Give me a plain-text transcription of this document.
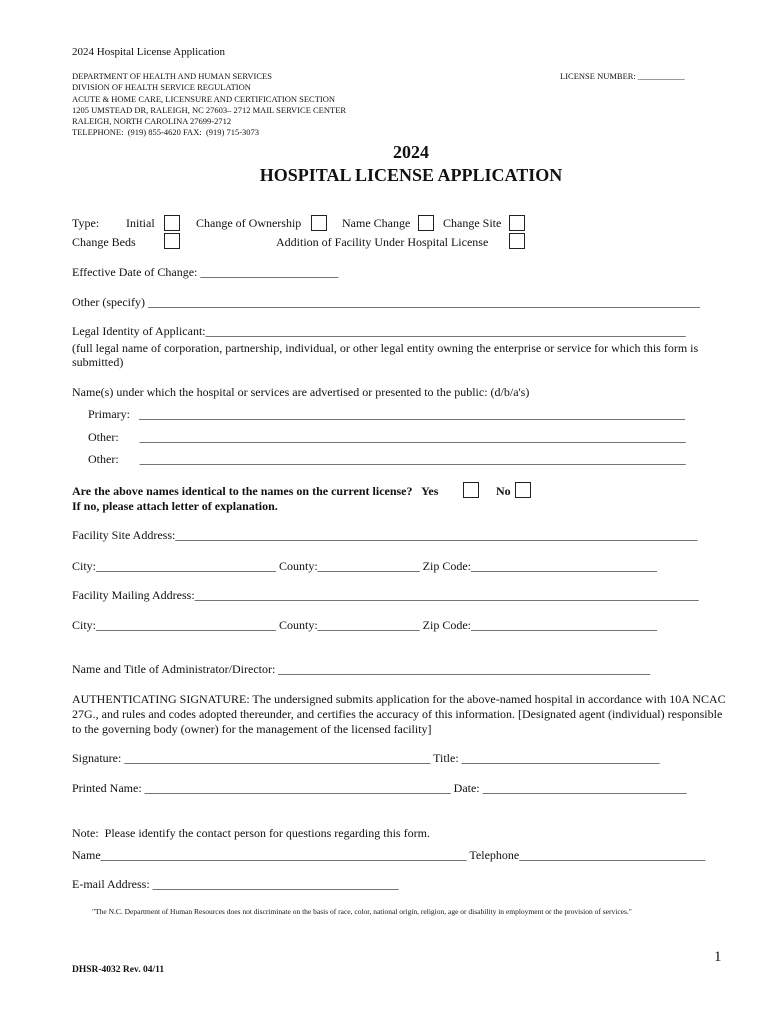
2024 Hospital License Application
DEPARTMENT OF HEALTH AND HUMAN SERVICES
DIVISION OF HEALTH SERVICE REGULATION
ACUTE & HOME CARE, LICENSURE AND CERTIFICATION SECTION
1205 UMSTEAD DR, RALEIGH, NC 27603– 2712 MAIL SERVICE CENTER
RALEIGH, NORTH CAROLINA 27699-2712
TELEPHONE:  (919) 855-4620 FAX:  (919) 715-3073
LICENSE NUMBER: ___________
2024
HOSPITAL LICENSE APPLICATION
Type: Initial	Change of Ownership	Name Change	Change Site
Change Beds	Addition of Facility Under Hospital License
Effective Date of Change: _______________________
Other (specify) ____________________________________________________________________________________________
Legal Identity of Applicant:________________________________________________________________________________
(full legal name of corporation, partnership, individual, or other legal entity owning the enterprise or service for which this form is submitted)
Name(s) under which the hospital or services are advertised or presented to the public: (d/b/a's)
Primary:   ___________________________________________________________________________________________
Other:       ___________________________________________________________________________________________
Other:       ___________________________________________________________________________________________
Are the above names identical to the names on the current license?   Yes	No
If no, please attach letter of explanation.
Facility Site Address:_______________________________________________________________________________________
City:______________________________ County:_________________ Zip Code:_______________________________
Facility Mailing Address:____________________________________________________________________________________
City:______________________________ County:_________________ Zip Code:_______________________________
Name and Title of Administrator/Director: ______________________________________________________________
AUTHENTICATING SIGNATURE: The undersigned submits application for the above-named hospital in accordance with 10A NCAC 27G., and rules and codes adopted thereunder, and certifies the accuracy of this information. [Designated agent (individual) responsible to the governing body (owner) for the management of the licensed facility]
Signature: ___________________________________________________ Title: _________________________________
Printed Name: ___________________________________________________ Date: __________________________________
Note:  Please identify the contact person for questions regarding this form.
Name_____________________________________________________________ Telephone_______________________________
E-mail Address: _________________________________________
"The N.C. Department of Human Resources does not discriminate on the basis of race, color, national origin, religion, age or disability in employment or the provision of services."
1
DHSR-4032 Rev. 04/11
